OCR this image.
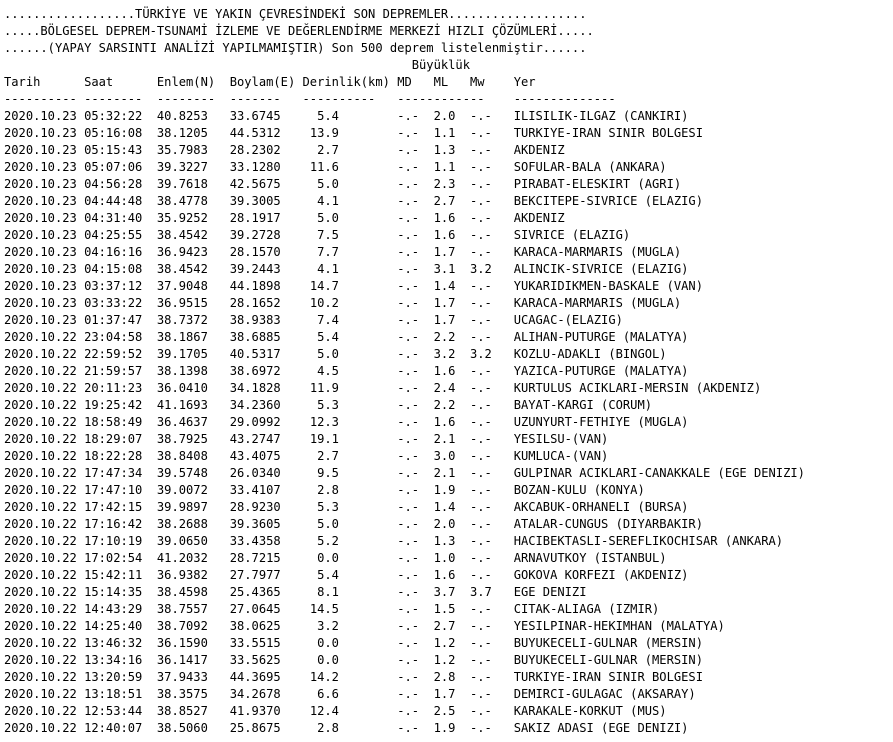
..................TÜRKİYE VE YAKIN ÇEVRESİNDEKİ SON DEPREMLER...................
.....BÖLGESEL DEPREM-TSUNAMİ İZLEME VE DEĞERLENDİRME MERKEZİ HIZLI ÇÖZÜMLERİ.....
......(YAPAY SARSINTI ANALİZİ YAPILMAMIŞTIR) Son 500 deprem listelenmiştir......
Büyüklük
Tarih	Saat	Enlem(N) Boylam(E) Derinlik(km) MD ML Mw Yer
---------- -------- -------- ------- ---------- ------------ --------------
2020.10.23 05:32:22 40.8253 33.6745	5.4	-.- 2.0 -.- ILISILIK-ILGAZ (CANKIRI)
2020.10.23 05:16:08 38.1205 44.5312 13.9	-.- 1.1 -.- TURKIYE-IRAN SINIR BOLGESI
2020.10.23 05:15:43 35.7983 28.2302	2.7	-.- 1.3 -.- AKDENIZ
2020.10.23 05:07:06 39.3227 33.1280 11.6	-.- 1.1 -.- SOFULAR-BALA (ANKARA)
2020.10.23 04:56:28 39.7618 42.5675	5.0	-.- 2.3 -.- PIRABAT-ELESKIRT (AGRI)
2020.10.23 04:44:48 38.4778 39.3005	4.1	-.- 2.7 -.- BEKCITEPE-SIVRICE (ELAZIG)
2020.10.23 04:31:40 35.9252 28.1917	5.0	-.- 1.6 -.- AKDENIZ
2020.10.23 04:25:55 38.4542 39.2728	7.5	-.- 1.6 -.- SIVRICE (ELAZIG)
2020.10.23 04:16:16 36.9423 28.1570	7.7	-.- 1.7 -.- KARACA-MARMARIS (MUGLA)
2020.10.23 04:15:08 38.4542 39.2443	4.1	-.- 3.1 3.2 ALINCIK-SIVRICE (ELAZIG)
2020.10.23 03:37:12 37.9048 44.1898 14.7	-.- 1.4 -.- YUKARIDIKMEN-BASKALE (VAN)
2020.10.23 03:33:22 36.9515 28.1652 10.2	-.- 1.7 -.- KARACA-MARMARIS (MUGLA)
2020.10.23 01:37:47 38.7372 38.9383	7.4	-.- 1.7 -.- UCAGAC-(ELAZIG)
2020.10.22 23:04:58 38.1867 38.6885	5.4	-.- 2.2 -.- ALIHAN-PUTURGE (MALATYA)
2020.10.22 22:59:52 39.1705 40.5317	5.0	-.- 3.2 3.2 KOZLU-ADAKLI (BINGOL)
2020.10.22 21:59:57 38.1398 38.6972	4.5	-.- 1.6 -.- YAZICA-PUTURGE (MALATYA)
2020.10.22 20:11:23 36.0410 34.1828 11.9	-.- 2.4 -.- KURTULUS ACIKLARI-MERSIN (AKDENIZ)
2020.10.22 19:25:42 41.1693 34.2360	5.3	-.- 2.2 -.- BAYAT-KARGI (CORUM)
2020.10.22 18:58:49 36.4637 29.0992 12.3	-.- 1.6 -.- UZUNYURT-FETHIYE (MUGLA)
2020.10.22 18:29:07 38.7925 43.2747 19.1	-.- 2.1 -.- YESILSU-(VAN)
2020.10.22 18:22:28 38.8408 43.4075	2.7	-.- 3.0 -.- KUMLUCA-(VAN)
2020.10.22 17:47:34 39.5748 26.0340	9.5	-.- 2.1 -.- GULPINAR ACIKLARI-CANAKKALE (EGE DENIZI)
2020.10.22 17:47:10 39.0072 33.4107	2.8	-.- 1.9 -.- BOZAN-KULU (KONYA)
2020.10.22 17:42:15 39.9897 28.9230	5.3	-.- 1.4 -.- AKCABUK-ORHANELI (BURSA)
2020.10.22 17:16:42 38.2688 39.3605	5.0	-.- 2.0 -.- ATALAR-CUNGUS (DIYARBAKIR)
2020.10.22 17:10:19 39.0650 33.4358	5.2	-.- 1.3 -.- HACIBEKTASLI-SEREFLIKOCHISAR (ANKARA)
2020.10.22 17:02:54 41.2032 28.7215	0.0	-.- 1.0 -.- ARNAVUTKOY (ISTANBUL)
2020.10.22 15:42:11 36.9382 27.7977	5.4	-.- 1.6 -.- GOKOVA KORFEZI (AKDENIZ)
2020.10.22 15:14:35 38.4598 25.4365	8.1	-.- 3.7 3.7 EGE DENIZI
2020.10.22 14:43:29 38.7557 27.0645 14.5	-.- 1.5 -.- CITAK-ALIAGA (IZMIR)
2020.10.22 14:25:40 38.7092 38.0625	3.2	-.- 2.7 -.- YESILPINAR-HEKIMHAN (MALATYA)
2020.10.22 13:46:32 36.1590 33.5515	0.0	-.- 1.2 -.- BUYUKECELI-GULNAR (MERSIN)
2020.10.22 13:34:16 36.1417 33.5625	0.0	-.- 1.2 -.- BUYUKECELI-GULNAR (MERSIN)
2020.10.22 13:20:59 37.9433 44.3695 14.2	-.- 2.8 -.- TURKIYE-IRAN SINIR BOLGESI
2020.10.22 13:18:51 38.3575 34.2678	6.6	-.- 1.7 -.- DEMIRCI-GULAGAC (AKSARAY)
2020.10.22 12:53:44 38.8527 41.9370 12.4	-.- 2.5 -.- KARAKALE-KORKUT (MUS)
2020.10.22 12:40:07 38.5060 25.8675	2.8	-.- 1.9 -.- SAKIZ ADASI (EGE DENIZI)
